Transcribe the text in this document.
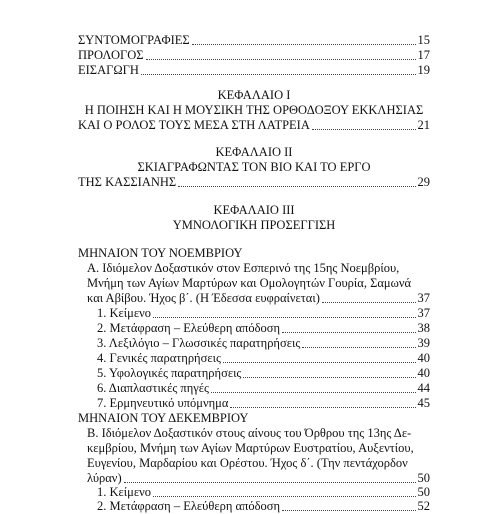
ΣΥΝΤΟΜΟΓΡΑΦΙΕΣ	15
ΠΡΟΛΟΓΟΣ	17
ΕΙΣΑΓΩΓΗ	19
ΚΕΦΑΛΑΙΟ Ι
Η ΠΟΙΗΣΗ ΚΑΙ Η ΜΟΥΣΙΚΗ ΤΗΣ ΟΡΘΟΔΟΞΟΥ ΕΚΚΛΗΣΙΑΣ
ΚΑΙ Ο ΡΟΛΟΣ ΤΟΥΣ ΜΕΣΑ ΣΤΗ ΛΑΤΡΕΙΑ	21
ΚΕΦΑΛΑΙΟ ΙΙ
ΣΚΙΑΓΡΑΦΩΝΤΑΣ ΤΟΝ ΒΙΟ ΚΑΙ ΤΟ ΕΡΓΟ
ΤΗΣ ΚΑΣΣΙΑΝΗΣ	29
ΚΕΦΑΛΑΙΟ ΙΙΙ
ΥΜΝΟΛΟΓΙΚΗ ΠΡΟΣΕΓΓΙΣΗ
ΜΗΝΑΙΟΝ ΤΟΥ ΝΟΕΜΒΡΙΟΥ
Α. Ιδιόμελον Δοξαστικόν στον Εσπερινό της 15ης Νοεμβρίου,
Μνήμη των Αγίων Μαρτύρων και Ομολογητών Γουρία, Σαμωνά
και Αβίβου. Ήχος β΄. (Η Έδεσσα ευφραίνεται)	37
1. Κείμενο	37
2. Μετάφραση – Ελεύθερη απόδοση	38
3. Λεξιλόγιο – Γλωσσικές παρατηρήσεις	39
4. Γενικές παρατηρήσεις	40
5. Υφολογικές παρατηρήσεις	40
6. Διαπλαστικές πηγές	44
7. Ερμηνευτικό υπόμνημα	45
ΜΗΝΑΙΟΝ ΤΟΥ ΔΕΚΕΜΒΡΙΟΥ
Β. Ιδιόμελον Δοξαστικόν στους αίνους του Όρθρου της 13ης Δε-
κεμβρίου, Μνήμη των Αγίων Μαρτύρων Ευστρατίου, Αυξεντίου,
Ευγενίου, Μαρδαρίου και Ορέστου. Ήχος δ΄. (Την πεντάχορδον
λύραν)	50
1. Κείμενο	50
2. Μετάφραση – Ελεύθερη απόδοση	52
